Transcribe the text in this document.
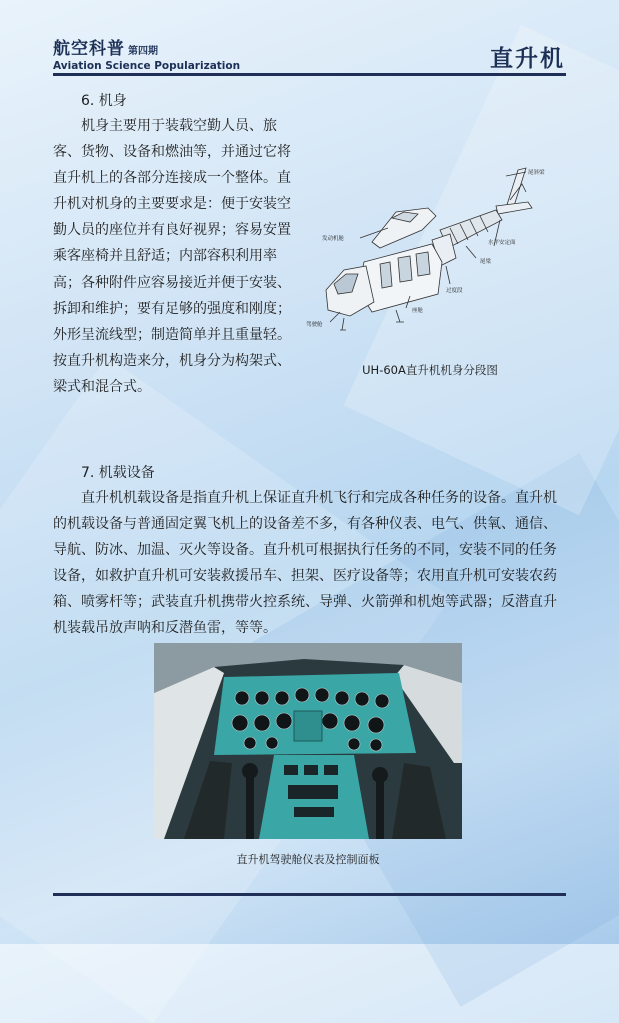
航空科普 第四期
Aviation Science Popularization	直升机
6. 机身

机身主要用于装载空勤人员、旅客、货物、设备和燃油等，并通过它将直升机上的各部分连接成一个整体。直升机对机身的主要要求是：便于安装空勤人员的座位并有良好视界；容易安置乘客座椅并且舒适；内部容积利用率高；各种附件应容易接近并便于安装、拆卸和维护；要有足够的强度和刚度；外形呈流线型；制造简单并且重量轻。按直升机构造来分，机身分为构架式、梁式和混合式。

尾斜梁
发动机舱
水平安定面
尾梁
过度段
座舱
驾驶舱
UH-60A直升机机身分段图
7. 机载设备

直升机机载设备是指直升机上保证直升机飞行和完成各种任务的设备。直升机的机载设备与普通固定翼飞机上的设备差不多，有各种仪表、电气、供氧、通信、导航、防冰、加温、灭火等设备。直升机可根据执行任务的不同，安装不同的任务设备，如救护直升机可安装救援吊车、担架、医疗设备等；农用直升机可安装农药箱、喷雾杆等；武装直升机携带火控系统、导弹、火箭弹和机炮等武器；反潜直升机装载吊放声呐和反潜鱼雷，等等。

直升机驾驶舱仪表及控制面板
